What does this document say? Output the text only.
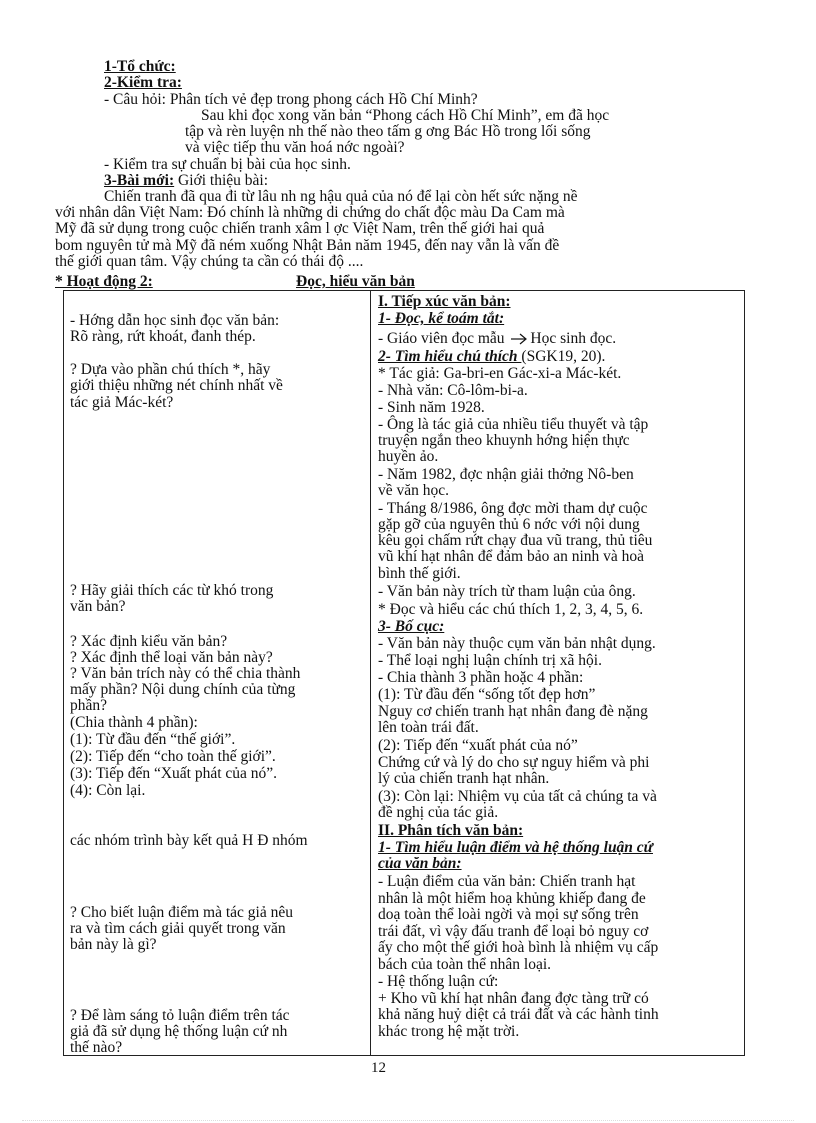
1-Tổ chức:
2-Kiểm tra:
- Câu hỏi: Phân tích vẻ đẹp trong phong cách Hồ Chí Minh?
Sau khi đọc xong văn bản “Phong cách Hồ Chí Minh”, em đã học
tập và rèn luyện nh thế nào theo tấm g ơng Bác Hồ trong lối sống
và việc tiếp thu văn hoá nớc ngoài?
- Kiểm tra sự chuẩn bị bài của học sinh.
3-Bài mới: Giới thiệu bài:
Chiến tranh đã qua đi từ lâu nh ng hậu quả của nó để lại còn hết sức nặng nề
với nhân dân Việt Nam: Đó chính là những di chứng do chất độc màu Da Cam mà
Mỹ đã sử dụng trong cuộc chiến tranh xâm l ợc Việt Nam, trên thế giới hai quả
bom nguyên tử mà Mỹ đã ném xuống Nhật Bản năm 1945, đến nay vẫn là vấn đề
thế giới quan tâm. Vậy chúng ta cần có thái độ ....
* Hoạt động 2:	Đọc, hiểu văn bản
- Hớng dẫn học sinh đọc văn bản:
Rõ ràng, rứt khoát, đanh thép.
? Dựa vào phần chú thích *, hãy
giới thiệu những nét chính nhất về
tác giả Mác-két?
? Hãy giải thích các từ khó trong
văn bản?
? Xác định kiểu văn bản?
? Xác định thể loại văn bản này?
? Văn bản trích này có thể chia thành
mấy phần? Nội dung chính của từng
phần?
(Chia thành 4 phần):
(1): Từ đầu đến “thế giới”.
(2): Tiếp đến “cho toàn thế giới”.
(3): Tiếp đến “Xuất phát của nó”.
(4): Còn lại.
các nhóm trình bày kết quả H Đ nhóm
? Cho biết luận điểm mà tác giả nêu
ra và tìm cách giải quyết trong văn
bản này là gì?
? Để làm sáng tỏ luận điểm trên tác
giả đã sử dụng hệ thống luận cứ nh
thế nào?
I. Tiếp xúc văn bản:
1- Đọc, kể toám tắt:
- Giáo viên đọc mẫu Học sinh đọc.
2- Tìm hiểu chú thích (SGK19, 20).
* Tác giả: Ga-bri-en Gác-xi-a Mác-két.
- Nhà văn: Cô-lôm-bi-a.
- Sinh năm 1928.
- Ông là tác giả của nhiều tiểu thuyết và tập
truyện ngắn theo khuynh hớng hiện thực
huyền ảo.
- Năm 1982, đợc nhận giải thởng Nô-ben
về văn học.
- Tháng 8/1986, ông đợc mời tham dự cuộc
gặp gỡ của nguyên thủ 6 nớc với nội dung
kêu gọi chấm rứt chạy đua vũ trang, thủ tiêu
vũ khí hạt nhân để đảm bảo an ninh và hoà
bình thế giới.
- Văn bản này trích từ tham luận của ông.
* Đọc và hiểu các chú thích 1, 2, 3, 4, 5, 6.
3- Bố cục:
- Văn bản này thuộc cụm văn bản nhật dụng.
- Thể loại nghị luận chính trị xã hội.
- Chia thành 3 phần hoặc 4 phần:
(1): Từ đầu đến “sống tốt đẹp hơn”
Nguy cơ chiến tranh hạt nhân đang đè nặng
lên toàn trái đất.
(2): Tiếp đến “xuất phát của nó”
Chứng cứ và lý do cho sự nguy hiểm và phi
lý của chiến tranh hạt nhân.
(3): Còn lại: Nhiệm vụ của tất cả chúng ta và
đề nghị của tác giả.
II. Phân tích văn bản:
1- Tìm hiểu luận điểm và hệ thống luận cứ
của văn bản:
- Luận điểm của văn bản: Chiến tranh hạt
nhân là một hiểm hoạ khủng khiếp đang đe
doạ toàn thể loài ngời và mọi sự sống trên
trái đất, vì vậy đấu tranh để loại bỏ nguy cơ
ấy cho một thế giới hoà bình là nhiệm vụ cấp
bách của toàn thể nhân loại.
- Hệ thống luận cứ:
+ Kho vũ khí hạt nhân đang đợc tàng trữ có
khả năng huỷ diệt cả trái đất và các hành tinh
khác trong hệ mặt trời.
12
